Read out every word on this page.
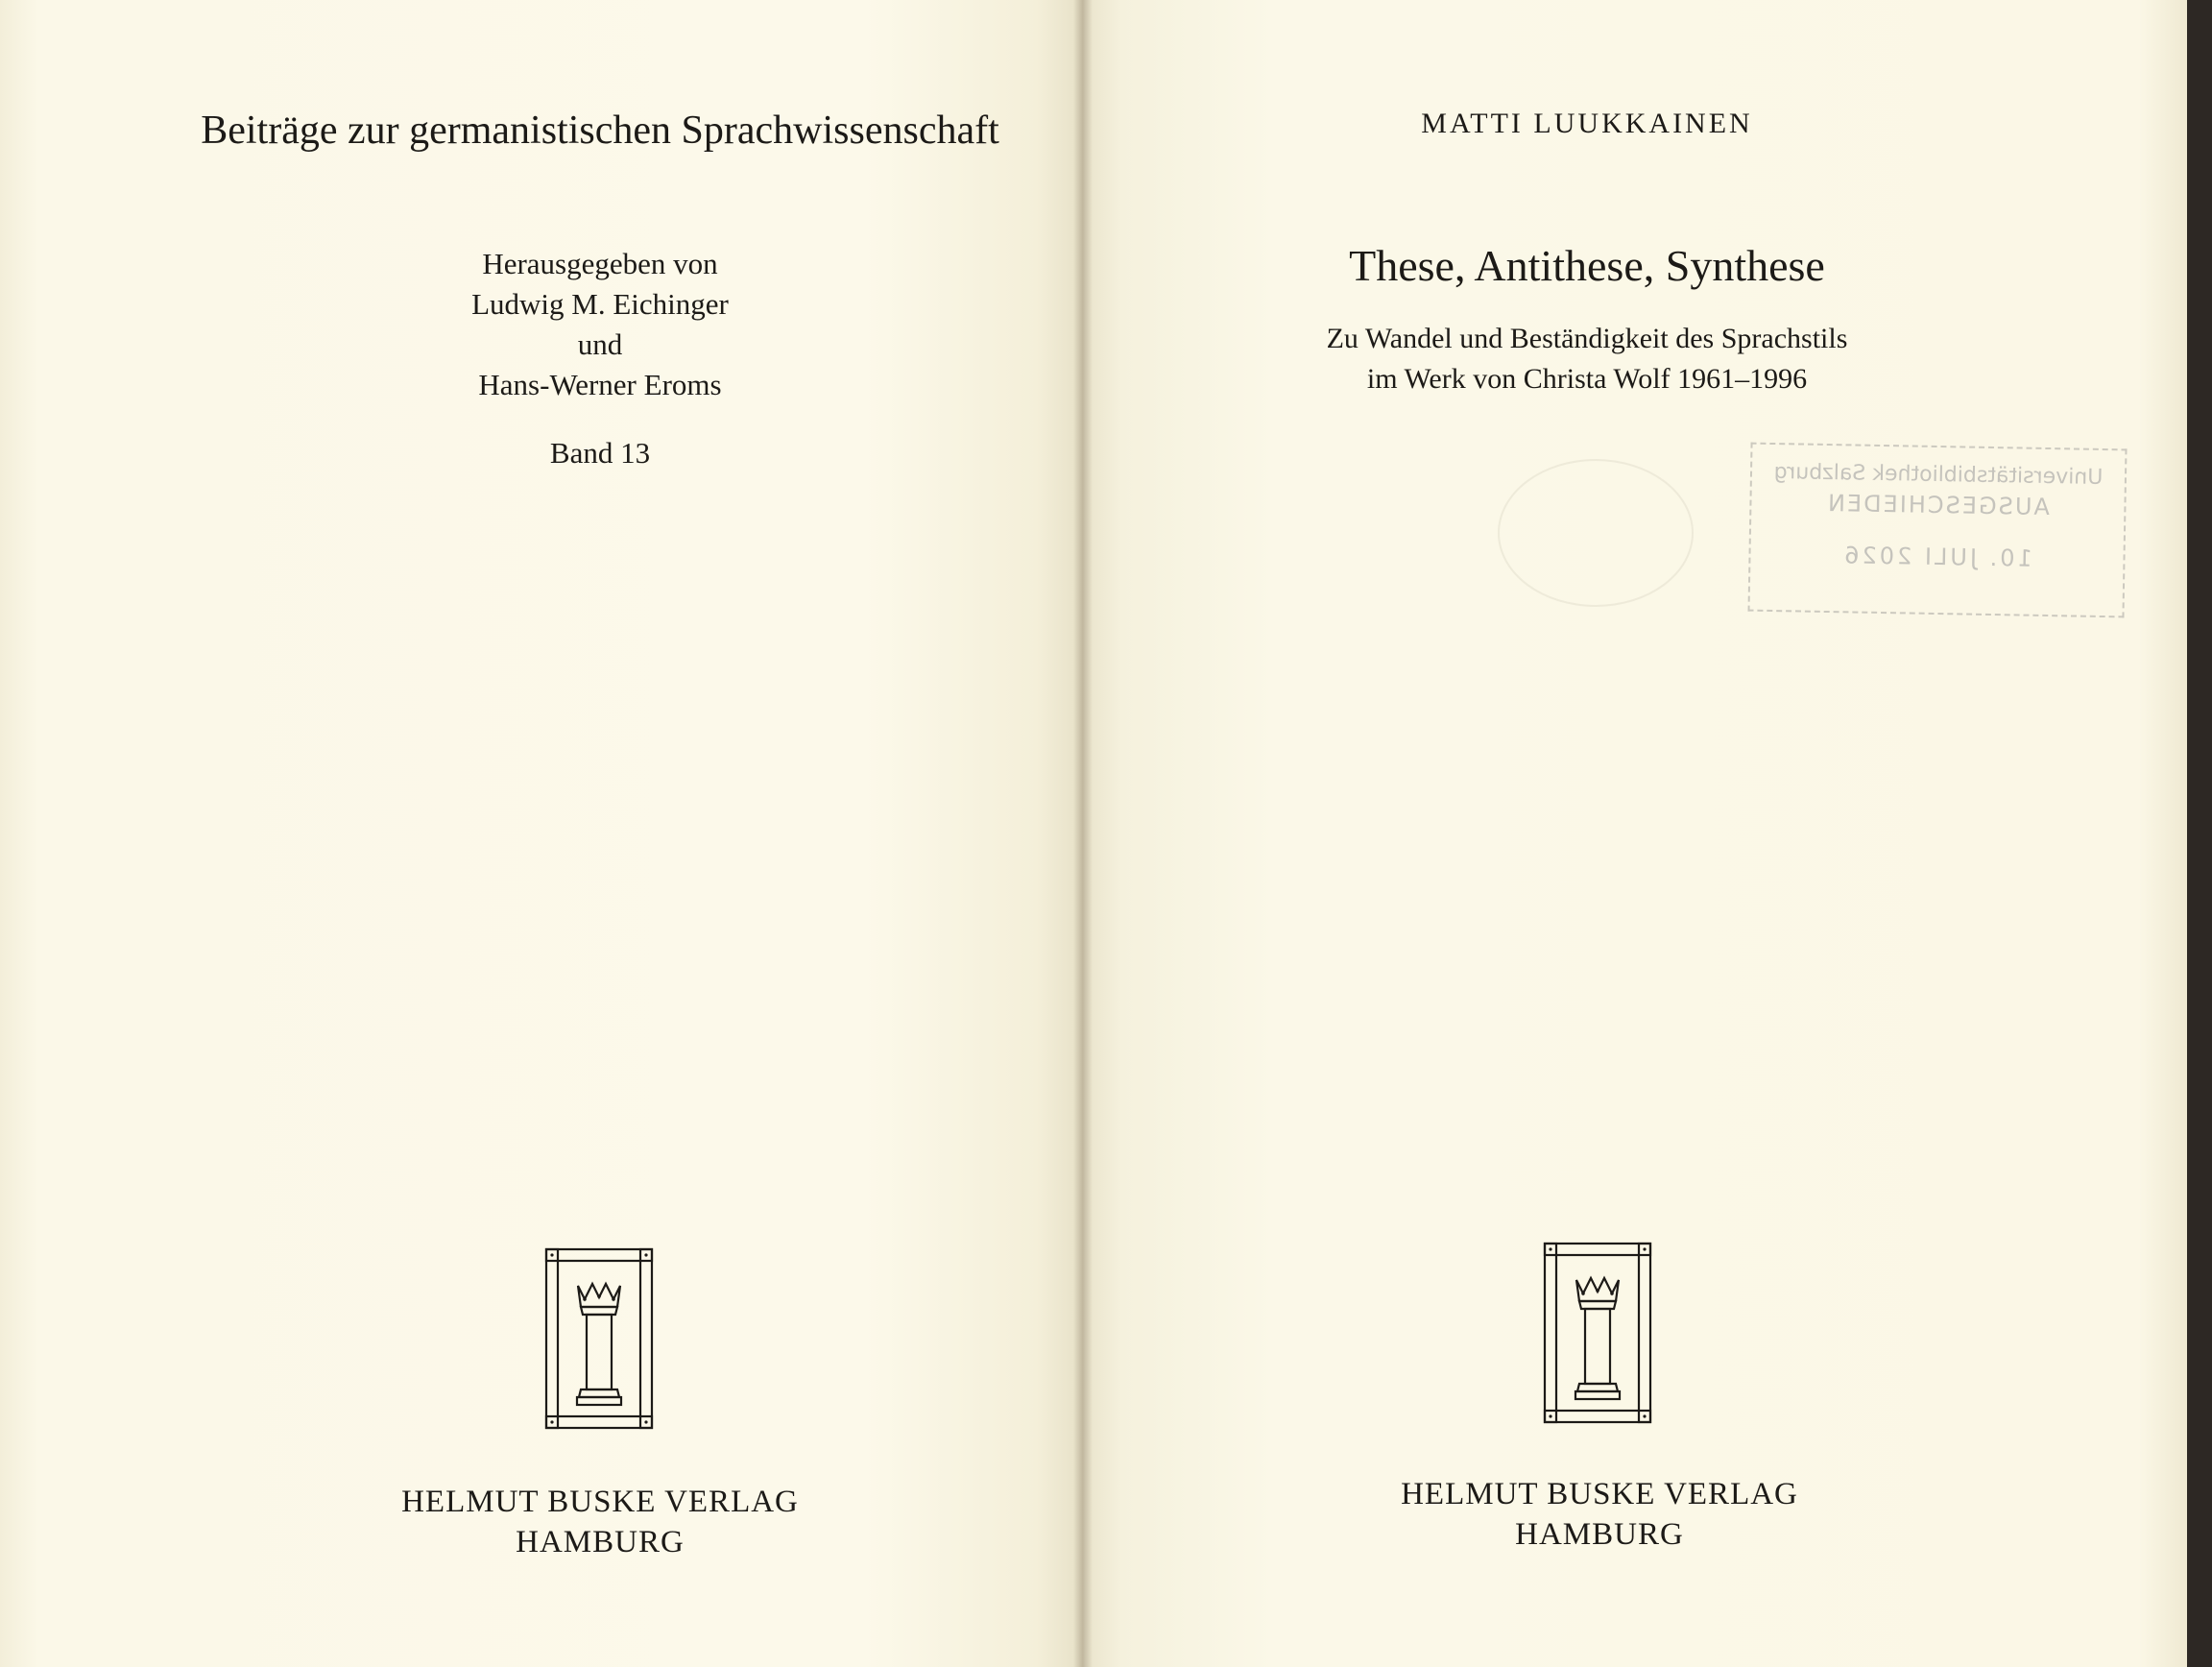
Beiträge zur germanistischen Sprachwissenschaft
Herausgegeben von
Ludwig M. Eichinger
und
Hans-Werner Eroms
Band 13
HELMUT BUSKE VERLAG
HAMBURG
MATTI LUUKKAINEN
These, Antithese, Synthese
Zu Wandel und Beständigkeit des Sprachstils
im Werk von Christa Wolf 1961–1996
Universitätsbibliothek Salzburg
AUSGESCHIEDEN
10. JULI 2026
HELMUT BUSKE VERLAG
HAMBURG
